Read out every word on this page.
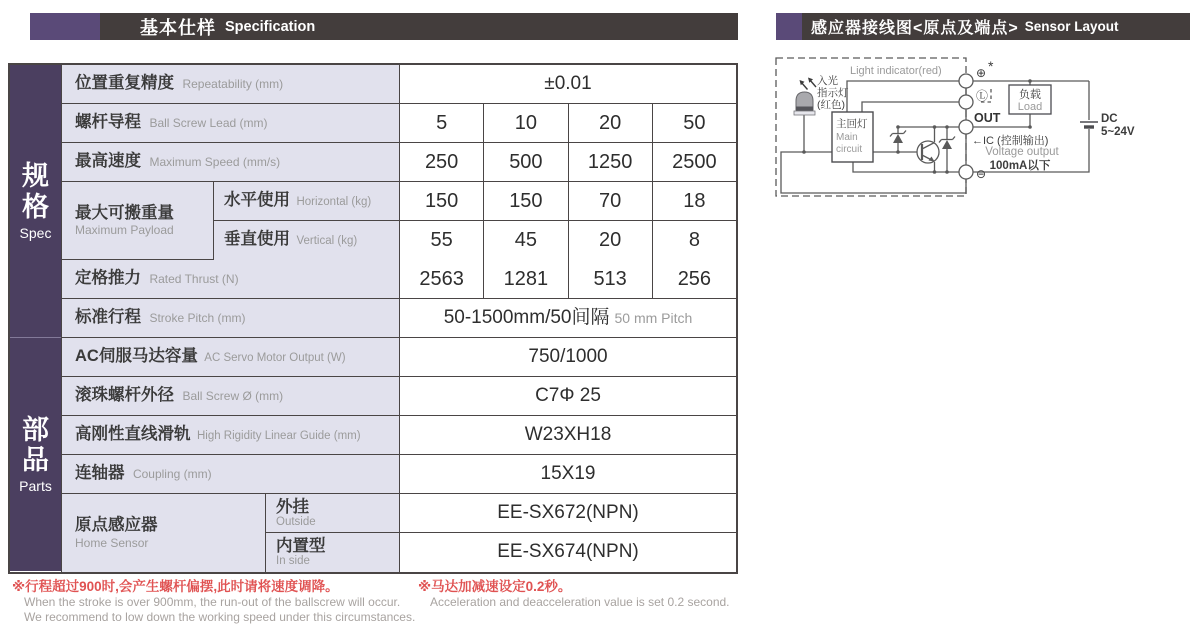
基本仕样 Specification	感应器接线图<原点及端点> Sensor Layout
规格
Spec
部品
Parts
位置重复精度 Repeatability (mm)	±0.01
螺杆导程 Ball Screw Lead (mm)	5	10	20	50
最高速度 Maximum Speed (mm/s)	250	500	1250	2500
最大可搬重量
Maximum Payload
水平使用 Horizontal (kg)	150	150	70	18
垂直使用 Vertical (kg)	55	45	20	8
定格推力 Rated Thrust (N)	2563	1281	513	256
标准行程 Stroke Pitch (mm)	50-1500mm/50间隔 50 mm Pitch
AC伺服马达容量 AC Servo Motor Output (W)	750/1000
滚珠螺杆外径 Ball Screw Ø (mm)	C7Φ 25
高刚性直线滑轨 High Rigidity Linear Guide (mm)	W23XH18
连轴器 Coupling (mm)	15X19
原点感应器
Home Sensor
外挂
Outside	EE-SX672(NPN)
内置型
In side	EE-SX674(NPN)
※行程超过900时,会产生螺杆偏摆,此时请将速度调降。
When the stroke is over 900mm, the run-out of the ballscrew will occur.
We recommend to low down the working speed under this circumstances.
※马达加减速设定0.2秒。
Acceleration and deacceleration value is set 0.2 second.
主回灯
Main
circuit
负载
Load
Light indicator(red)
入光
指示灯
(红色)
⊕ *
Ⓛ
OUT
←IC (控制输出)
⊖
Voltage output
100mA以下
DC
5~24V
